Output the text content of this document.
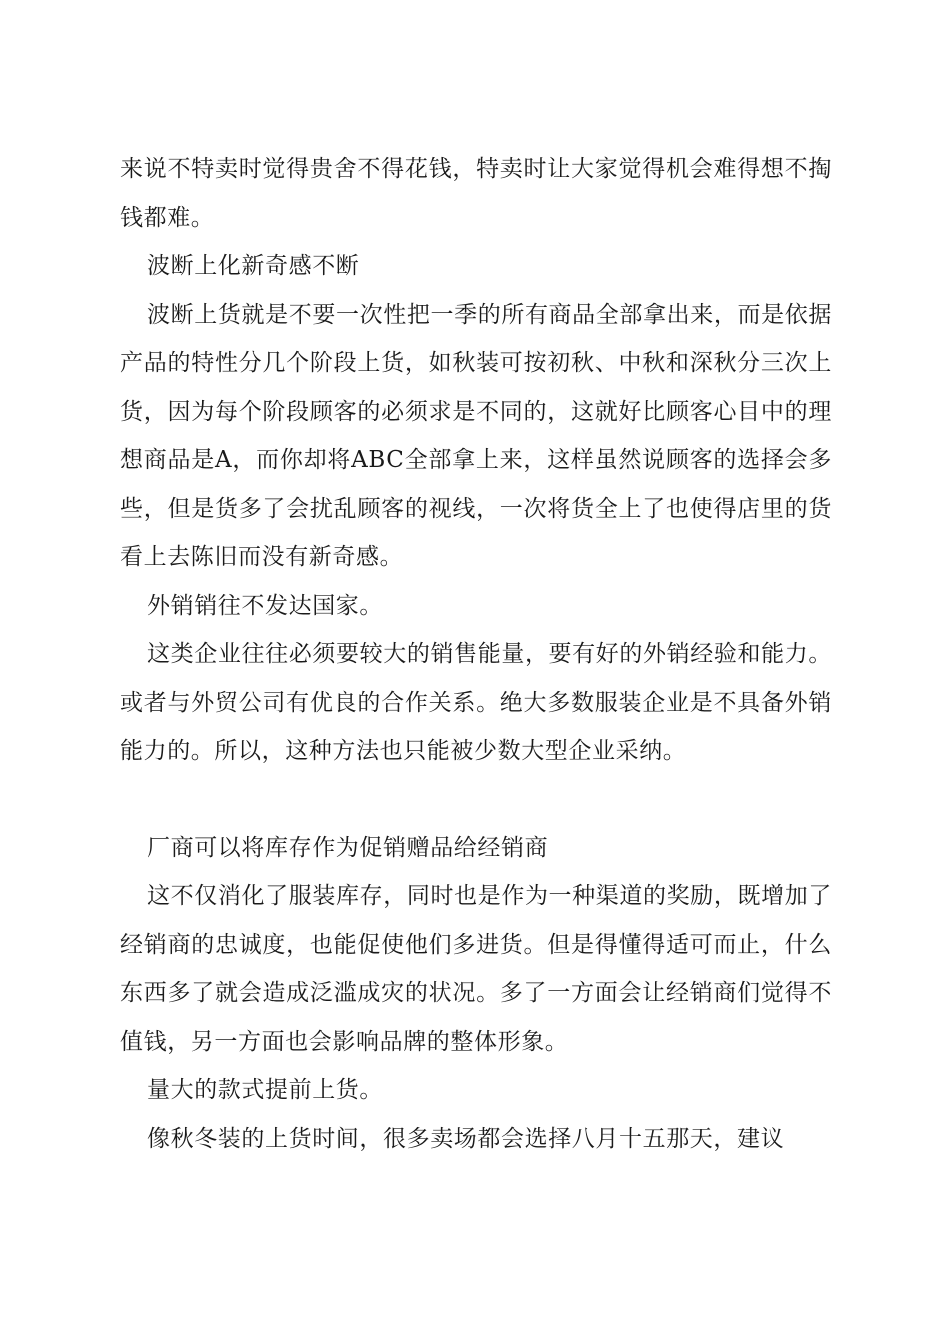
来说不特卖时觉得贵舍不得花钱，特卖时让大家觉得机会难得想不掏钱都难。

波断上化新奇感不断

波断上货就是不要一次性把一季的所有商品全部拿出来，而是依据产品的特性分几个阶段上货，如秋装可按初秋、中秋和深秋分三次上货，因为每个阶段顾客的必须求是不同的，这就好比顾客心目中的理想商品是A，而你却将ABC全部拿上来，这样虽然说顾客的选择会多些，但是货多了会扰乱顾客的视线，一次将货全上了也使得店里的货看上去陈旧而没有新奇感。

外销销往不发达国家。

这类企业往往必须要较大的销售能量，要有好的外销经验和能力。或者与外贸公司有优良的合作关系。绝大多数服装企业是不具备外销能力的。所以，这种方法也只能被少数大型企业采纳。

厂商可以将库存作为促销赠品给经销商

这不仅消化了服装库存，同时也是作为一种渠道的奖励，既增加了经销商的忠诚度，也能促使他们多进货。但是得懂得适可而止，什么东西多了就会造成泛滥成灾的状况。多了一方面会让经销商们觉得不值钱，另一方面也会影响品牌的整体形象。

量大的款式提前上货。

像秋冬装的上货时间，很多卖场都会选择八月十五那天，建议
